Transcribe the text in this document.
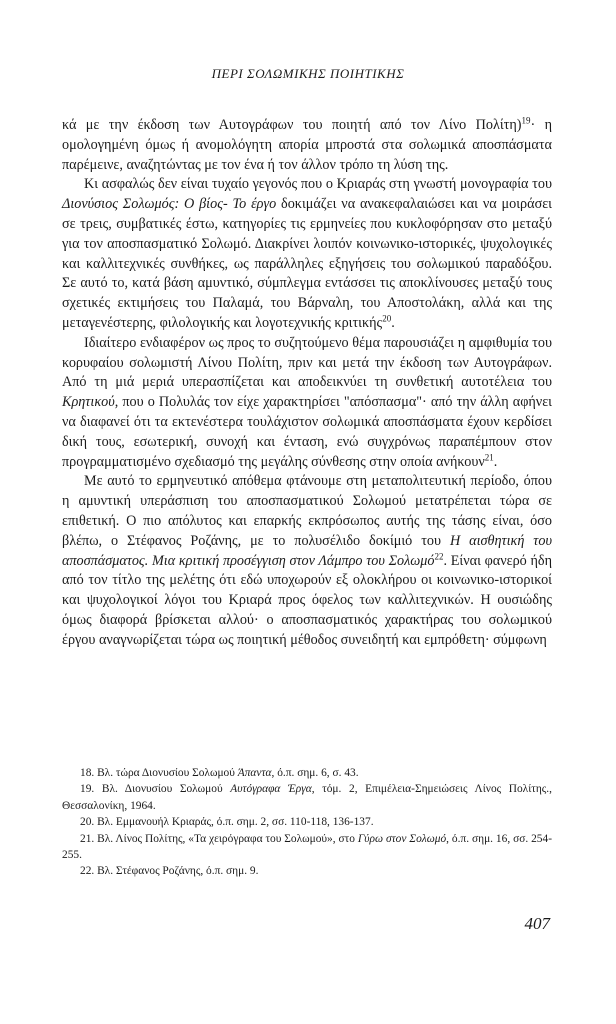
ΠΕΡΙ ΣΟΛΩΜΙΚΗΣ ΠΟΙΗΤΙΚΗΣ

κά με την έκδοση των Αυτογράφων του ποιητή από τον Λίνο Πολίτη)$^{19}$· η ομολογημένη όμως ή ανομολόγητη απορία μπροστά στα σολωμικά αποσπάσματα παρέμεινε, αναζητώντας με τον ένα ή τον άλλον τρόπο τη λύση της.

Κι ασφαλώς δεν είναι τυχαίο γεγονός που ο Κριαράς στη γνωστή μονογραφία του Διονύσιος Σολωμός: Ο βίος- Το έργο δοκιμάζει να ανακεφαλαιώσει και να μοιράσει σε τρεις, συμβατικές έστω, κατηγορίες τις ερμηνείες που κυκλοφόρησαν στο μεταξύ για τον αποσπασματικό Σολωμό. Διακρίνει λοιπόν κοινωνικο-ιστορικές, ψυχολογικές και καλλιτεχνικές συνθήκες, ως παράλληλες εξηγήσεις του σολωμικού παραδόξου. Σε αυτό το, κατά βάση αμυντικό, σύμπλεγμα εντάσσει τις αποκλίνουσες μεταξύ τους σχετικές εκτιμήσεις του Παλαμά, του Βάρναλη, του Αποστολάκη, αλλά και της μεταγενέστερης, φιλολογικής και λογοτεχνικής κριτικής$^{20}$.

Ιδιαίτερο ενδιαφέρον ως προς το συζητούμενο θέμα παρουσιάζει η αμφιθυμία του κορυφαίου σολωμιστή Λίνου Πολίτη, πριν και μετά την έκδοση των Αυτογράφων. Από τη μιά μεριά υπερασπίζεται και αποδεικνύει τη συνθετική αυτοτέλεια του Κρητικού, που ο Πολυλάς τον είχε χαρακτηρίσει "απόσπασμα"· από την άλλη αφήνει να διαφανεί ότι τα εκτενέστερα τουλάχιστον σολωμικά αποσπάσματα έχουν κερδίσει δική τους, εσωτερική, συνοχή και ένταση, ενώ συγχρόνως παραπέμπουν στον προγραμματισμένο σχεδιασμό της μεγάλης σύνθεσης στην οποία ανήκουν$^{21}$.

Με αυτό το ερμηνευτικό απόθεμα φτάνουμε στη μεταπολιτευτική περίοδο, όπου η αμυντική υπεράσπιση του αποσπασματικού Σολωμού μετατρέπεται τώρα σε επιθετική. Ο πιο απόλυτος και επαρκής εκπρόσωπος αυτής της τάσης είναι, όσο βλέπω, ο Στέφανος Ροζάνης, με το πολυσέλιδο δοκίμιό του Η αισθητική του αποσπάσματος. Μια κριτική προσέγγιση στον Λάμπρο του Σολωμό$^{22}$. Είναι φανερό ήδη από τον τίτλο της μελέτης ότι εδώ υποχωρούν εξ ολοκλήρου οι κοινωνικο-ιστορικοί και ψυχολογικοί λόγοι του Κριαρά προς όφελος των καλλιτεχνικών. Η ουσιώδης όμως διαφορά βρίσκεται αλλού· ο αποσπασματικός χαρακτήρας του σολωμικού έργου αναγνωρίζεται τώρα ως ποιητική μέθοδος συνειδητή και εμπρόθετη· σύμφωνη

18. Βλ. τώρα Διονυσίου Σολωμού Άπαντα, ό.π. σημ. 6, σ. 43.

19. Βλ. Διονυσίου Σολωμού Αυτόγραφα Έργα, τόμ. 2, Επιμέλεια-Σημειώσεις Λίνος Πολίτης., Θεσσαλονίκη, 1964.

20. Βλ. Εμμανουήλ Κριαράς, ό.π. σημ. 2, σσ. 110-118, 136-137.

21. Βλ. Λίνος Πολίτης, «Τα χειρόγραφα του Σολωμού», στο Γύρω στον Σολωμό, ό.π. σημ. 16, σσ. 254-255.

22. Βλ. Στέφανος Ροζάνης, ό.π. σημ. 9.

407
